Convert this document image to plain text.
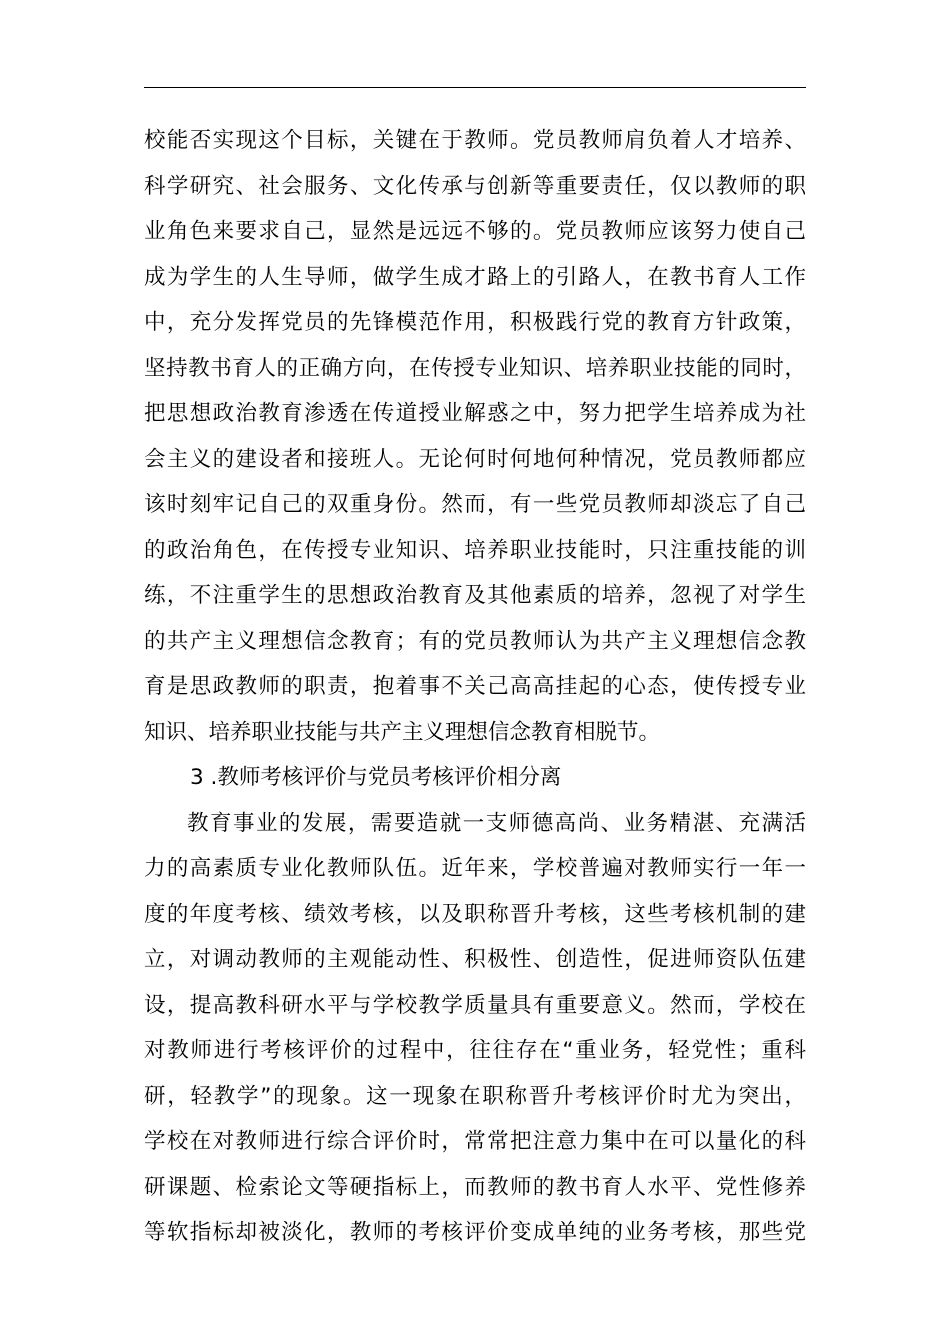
校能否实现这个目标，关键在于教师。党员教师肩负着人才培养、
科学研究、社会服务、文化传承与创新等重要责任，仅以教师的职
业角色来要求自己，显然是远远不够的。党员教师应该努力使自己
成为学生的人生导师，做学生成才路上的引路人，在教书育人工作
中，充分发挥党员的先锋模范作用，积极践行党的教育方针政策，
坚持教书育人的正确方向，在传授专业知识、培养职业技能的同时，
把思想政治教育渗透在传道授业解惑之中，努力把学生培养成为社
会主义的建设者和接班人。无论何时何地何种情况，党员教师都应
该时刻牢记自己的双重身份。然而，有一些党员教师却淡忘了自己
的政治角色，在传授专业知识、培养职业技能时，只注重技能的训
练，不注重学生的思想政治教育及其他素质的培养，忽视了对学生
的共产主义理想信念教育；有的党员教师认为共产主义理想信念教
育是思政教师的职责，抱着事不关己高高挂起的心态，使传授专业
知识、培养职业技能与共产主义理想信念教育相脱节。
3 .教师考核评价与党员考核评价相分离
教育事业的发展，需要造就一支师德高尚、业务精湛、充满活
力的高素质专业化教师队伍。近年来，学校普遍对教师实行一年一
度的年度考核、绩效考核，以及职称晋升考核，这些考核机制的建
立，对调动教师的主观能动性、积极性、创造性，促进师资队伍建
设，提高教科研水平与学校教学质量具有重要意义。然而，学校在
对教师进行考核评价的过程中，往往存在“重业务，轻党性；重科
研，轻教学”的现象。这一现象在职称晋升考核评价时尤为突出，
学校在对教师进行综合评价时，常常把注意力集中在可以量化的科
研课题、检索论文等硬指标上，而教师的教书育人水平、党性修养
等软指标却被淡化，教师的考核评价变成单纯的业务考核，那些党
